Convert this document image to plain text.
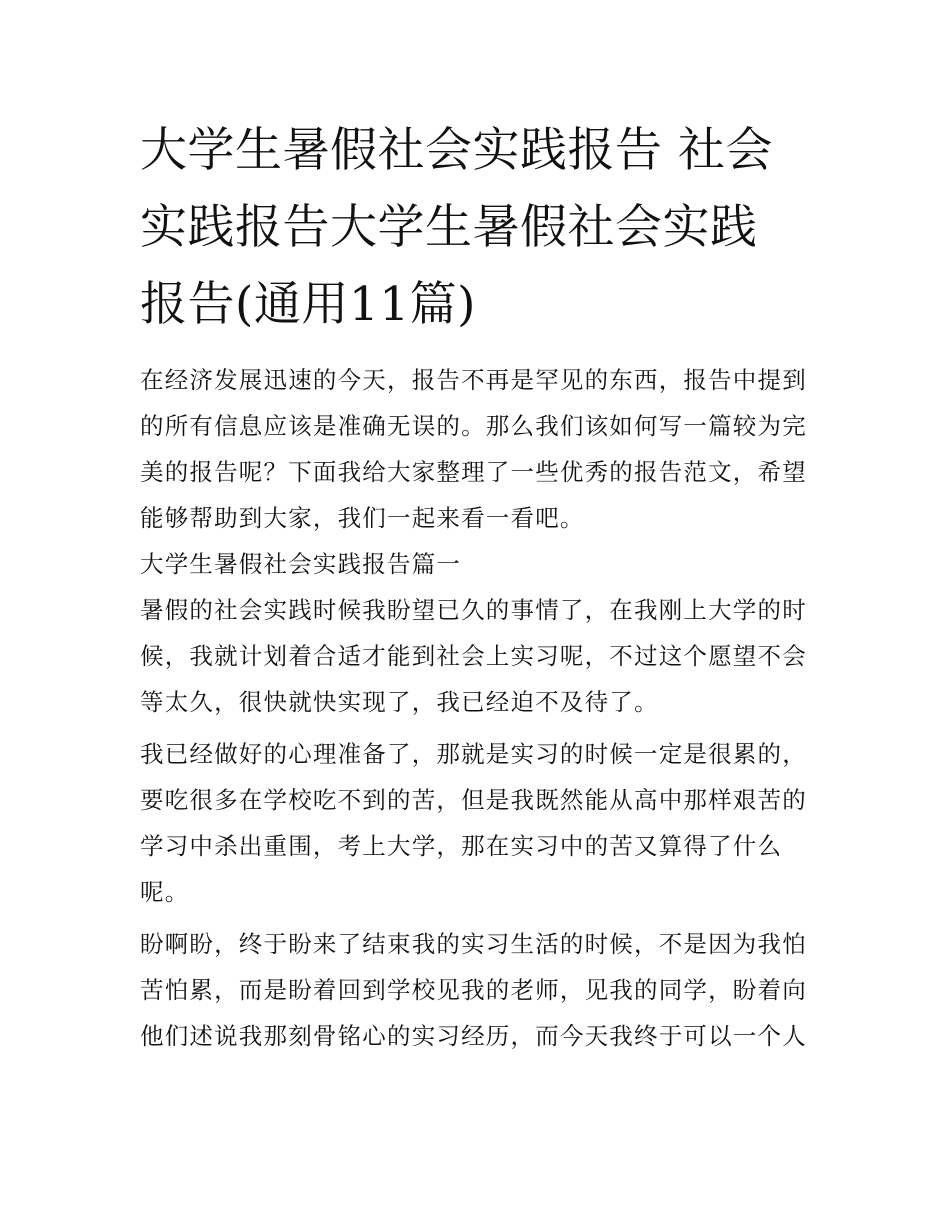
大学生暑假社会实践报告 社会
实践报告大学生暑假社会实践
报告(通用11篇)
在经济发展迅速的今天，报告不再是罕见的东西，报告中提到
的所有信息应该是准确无误的。那么我们该如何写一篇较为完
美的报告呢？下面我给大家整理了一些优秀的报告范文，希望
能够帮助到大家，我们一起来看一看吧。
大学生暑假社会实践报告篇一
暑假的社会实践时候我盼望已久的事情了，在我刚上大学的时
候，我就计划着合适才能到社会上实习呢，不过这个愿望不会
等太久，很快就快实现了，我已经迫不及待了。
我已经做好的心理准备了，那就是实习的时候一定是很累的，
要吃很多在学校吃不到的苦，但是我既然能从高中那样艰苦的
学习中杀出重围，考上大学，那在实习中的苦又算得了什么
呢。
盼啊盼，终于盼来了结束我的实习生活的时候，不是因为我怕
苦怕累，而是盼着回到学校见我的老师，见我的同学，盼着向
他们述说我那刻骨铭心的实习经历，而今天我终于可以一个人
